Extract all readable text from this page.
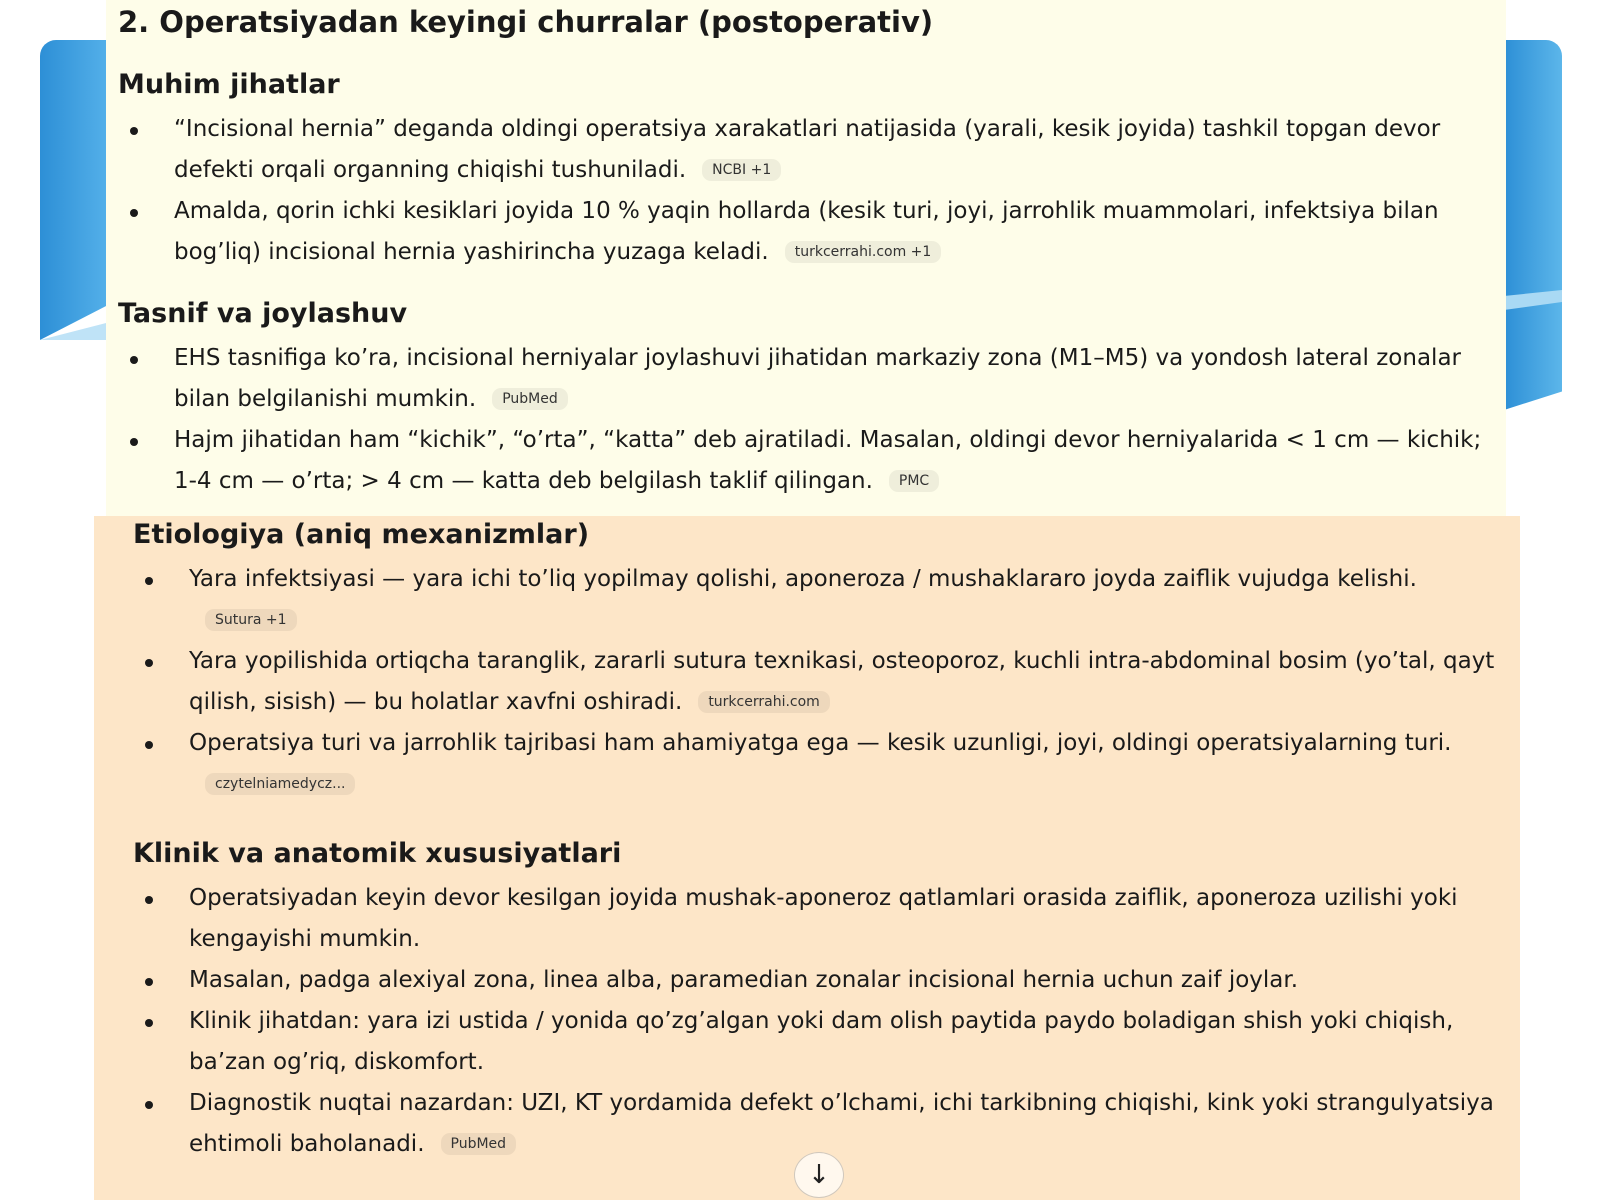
2. Operatsiyadan keyingi churralar (postoperativ)
Muhim jihatlar
“Incisional hernia” deganda oldingi operatsiya xarakatlari natijasida (yarali, kesik joyida) tashkil topgan devor defekti orqali organning chiqishi tushuniladi. NCBI +1
Amalda, qorin ichki kesiklari joyida 10 % yaqin hollarda (kesik turi, joyi, jarrohlik muammolari, infektsiya bilan bog’liq) incisional hernia yashirincha yuzaga keladi. turkcerrahi.com +1
Tasnif va joylashuv
EHS tasnifiga ko’ra, incisional herniyalar joylashuvi jihatidan markaziy zona (M1–M5) va yondosh lateral zonalar bilan belgilanishi mumkin. PubMed
Hajm jihatidan ham “kichik”, “o’rta”, “katta” deb ajratiladi. Masalan, oldingi devor herniyalarida < 1 cm — kichik; 1-4 cm — o’rta; > 4 cm — katta deb belgilash taklif qilingan. PMC
Etiologiya (aniq mexanizmlar)
Yara infektsiyasi — yara ichi to’liq yopilmay qolishi, aponeroza / mushaklararo joyda zaiflik vujudga kelishi.Sutura +1
Yara yopilishida ortiqcha taranglik, zararli sutura texnikasi, osteoporoz, kuchli intra-abdominal bosim (yo’tal, qayt qilish, sisish) — bu holatlar xavfni oshiradi. turkcerrahi.com
Operatsiya turi va jarrohlik tajribasi ham ahamiyatga ega — kesik uzunligi, joyi, oldingi operatsiyalarning turi.czytelniamedycz...
Klinik va anatomik xususiyatlari
Operatsiyadan keyin devor kesilgan joyida mushak-aponeroz qatlamlari orasida zaiflik, aponeroza uzilishi yoki kengayishi mumkin.
Masalan, padga alexiyal zona, linea alba, paramedian zonalar incisional hernia uchun zaif joylar.
Klinik jihatdan: yara izi ustida / yonida qo’zg’algan yoki dam olish paytida paydo boladigan shish yoki chiqish, ba’zan og’riq, diskomfort.
Diagnostik nuqtai nazardan: UZI, KT yordamida defekt o’lchami, ichi tarkibning chiqishi, kink yoki strangulyatsiya ehtimoli baholanadi. PubMed
↓
